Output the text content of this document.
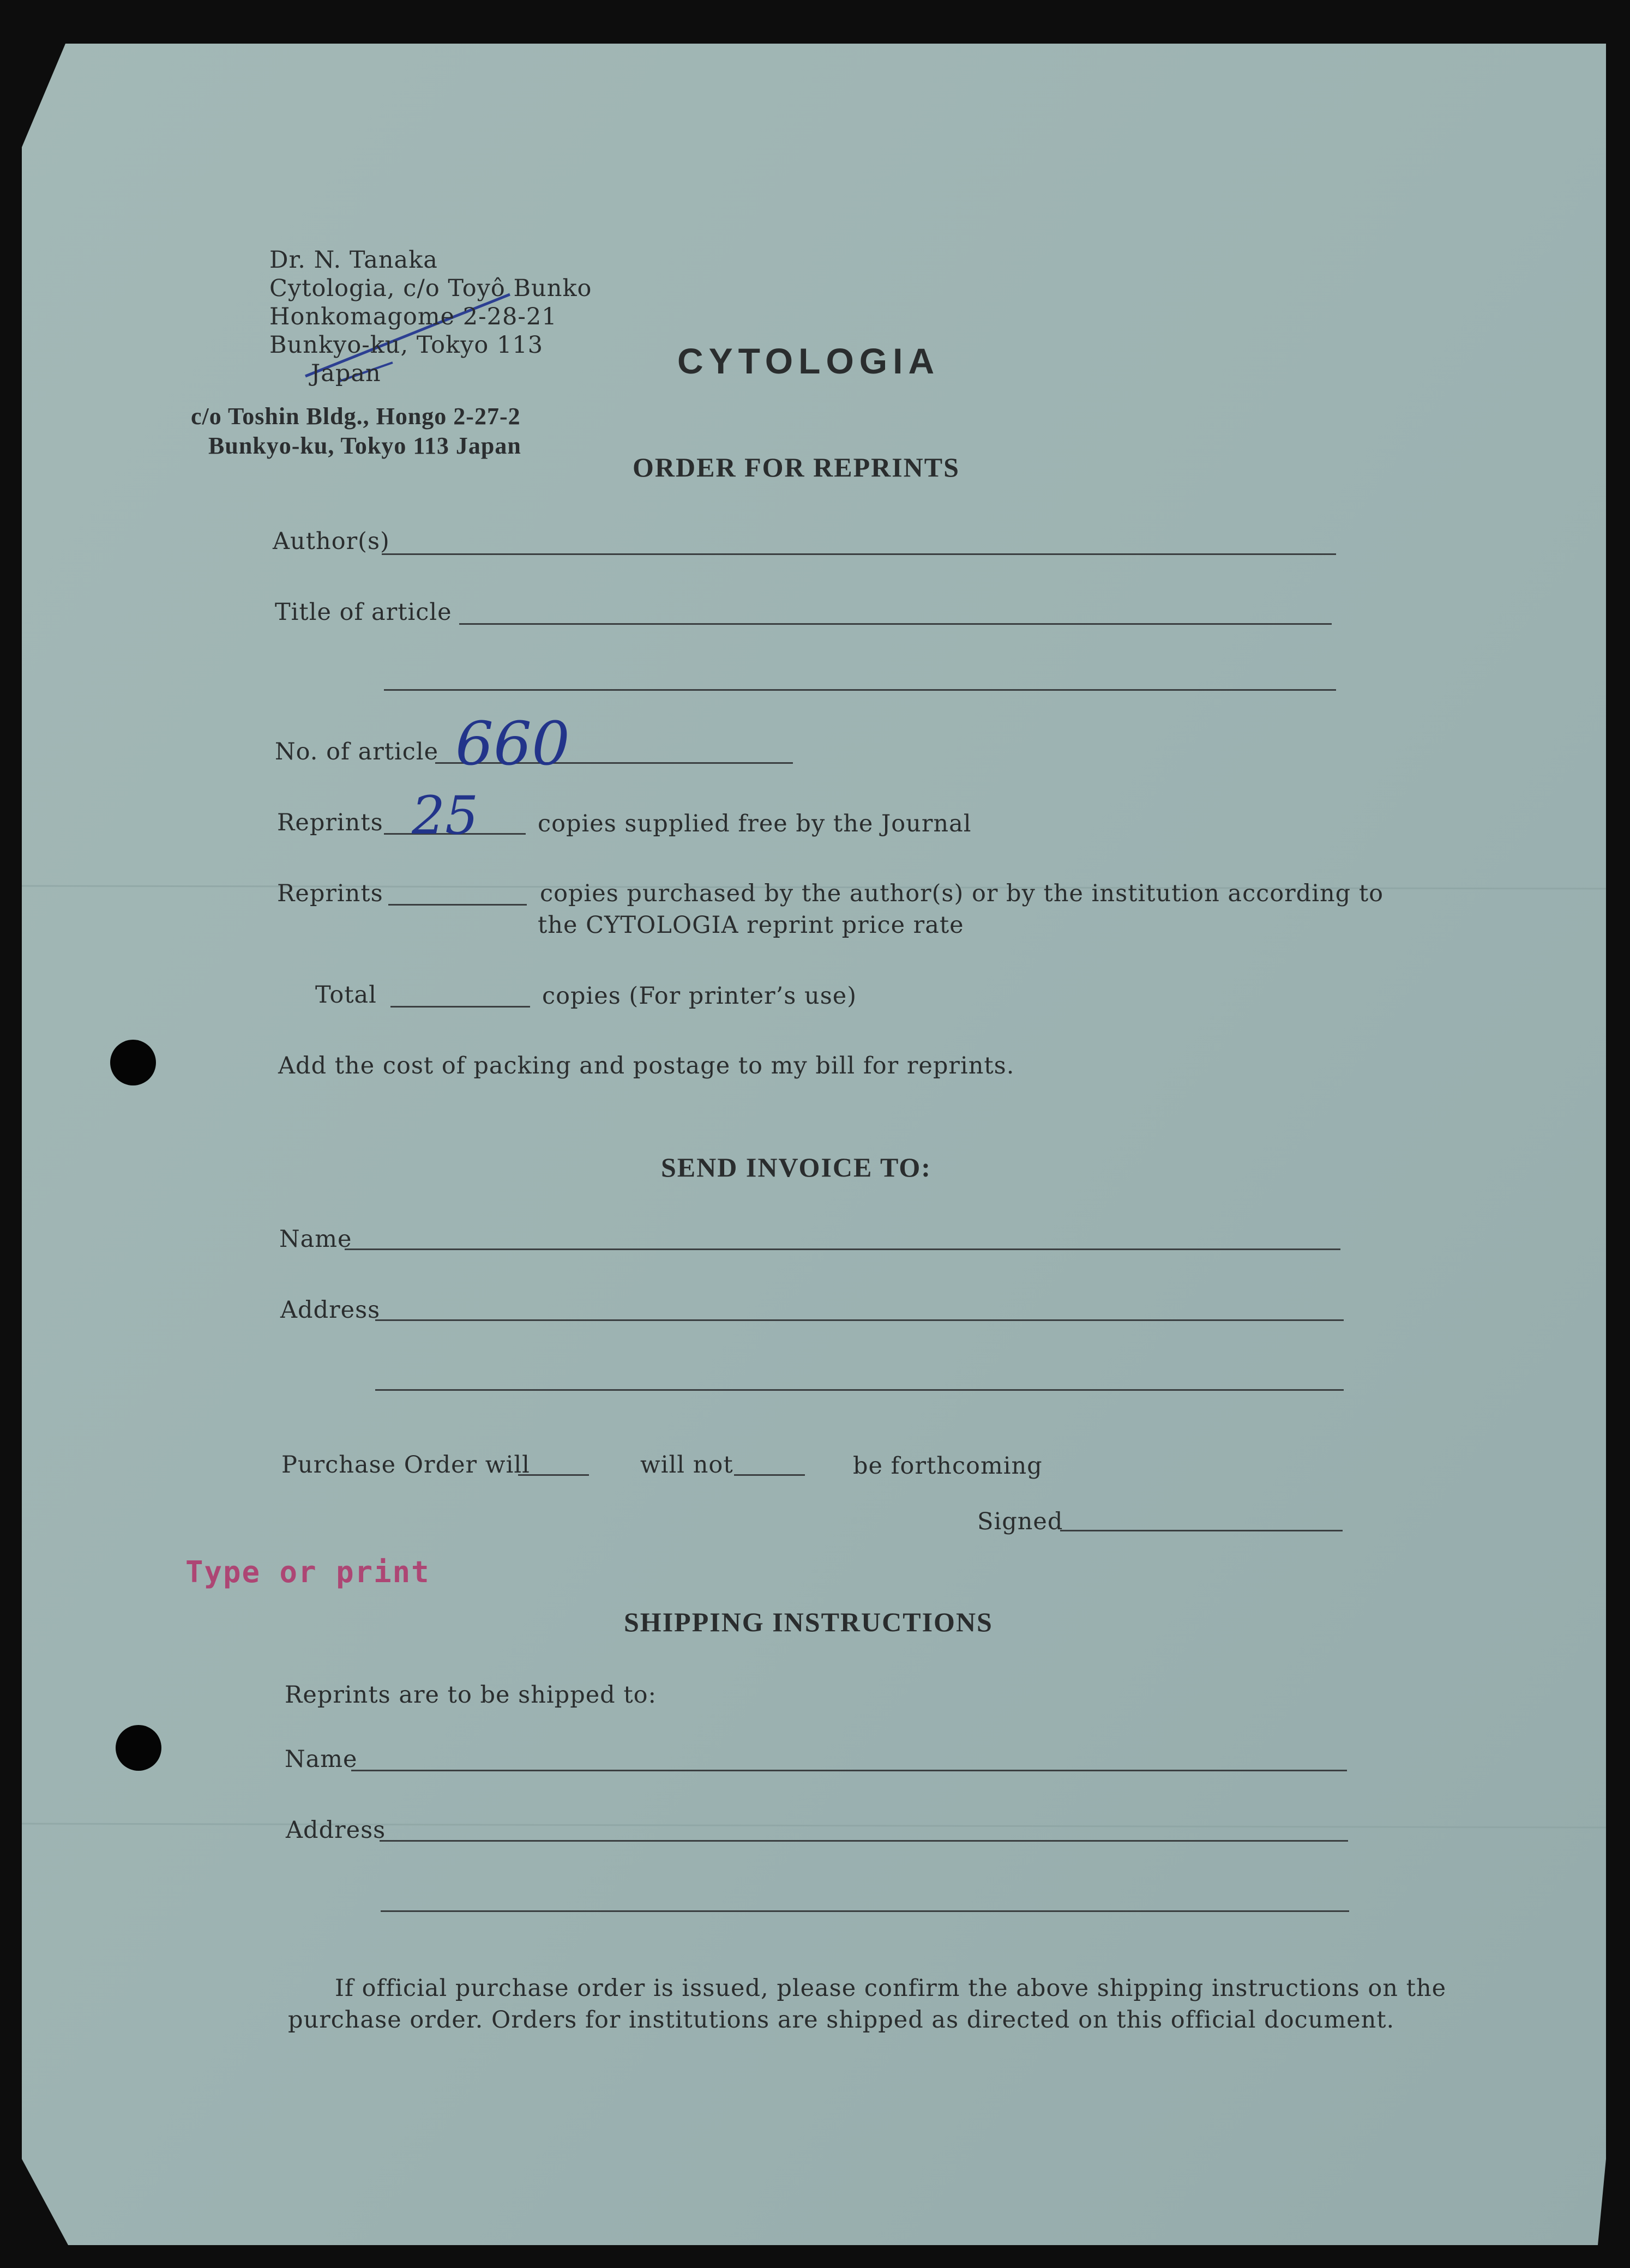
Dr. N. Tanaka
Cytologia, c/o Toyô Bunko
Honkomagome 2-28-21
Bunkyo-ku, Tokyo 113
Japan
c/o Toshin Bldg., Hongo 2-27-2
Bunkyo-ku, Tokyo 113 Japan
CYTOLOGIA
ORDER FOR REPRINTS
Author(s)
Title of article
No. of article 660
Reprints 25	copies supplied free by the Journal
Reprints	copies purchased by the author(s) or by the institution according to
the CYTOLOGIA reprint price rate
Total	copies (For printer’s use)
Add the cost of packing and postage to my bill for reprints.
SEND INVOICE TO:
Name
Address
Purchase Order will	will not	be forthcoming
Signed
Type or print
SHIPPING INSTRUCTIONS
Reprints are to be shipped to:
Name
Address
If official purchase order is issued, please confirm the above shipping instructions on the
purchase order. Orders for institutions are shipped as directed on this official document.
